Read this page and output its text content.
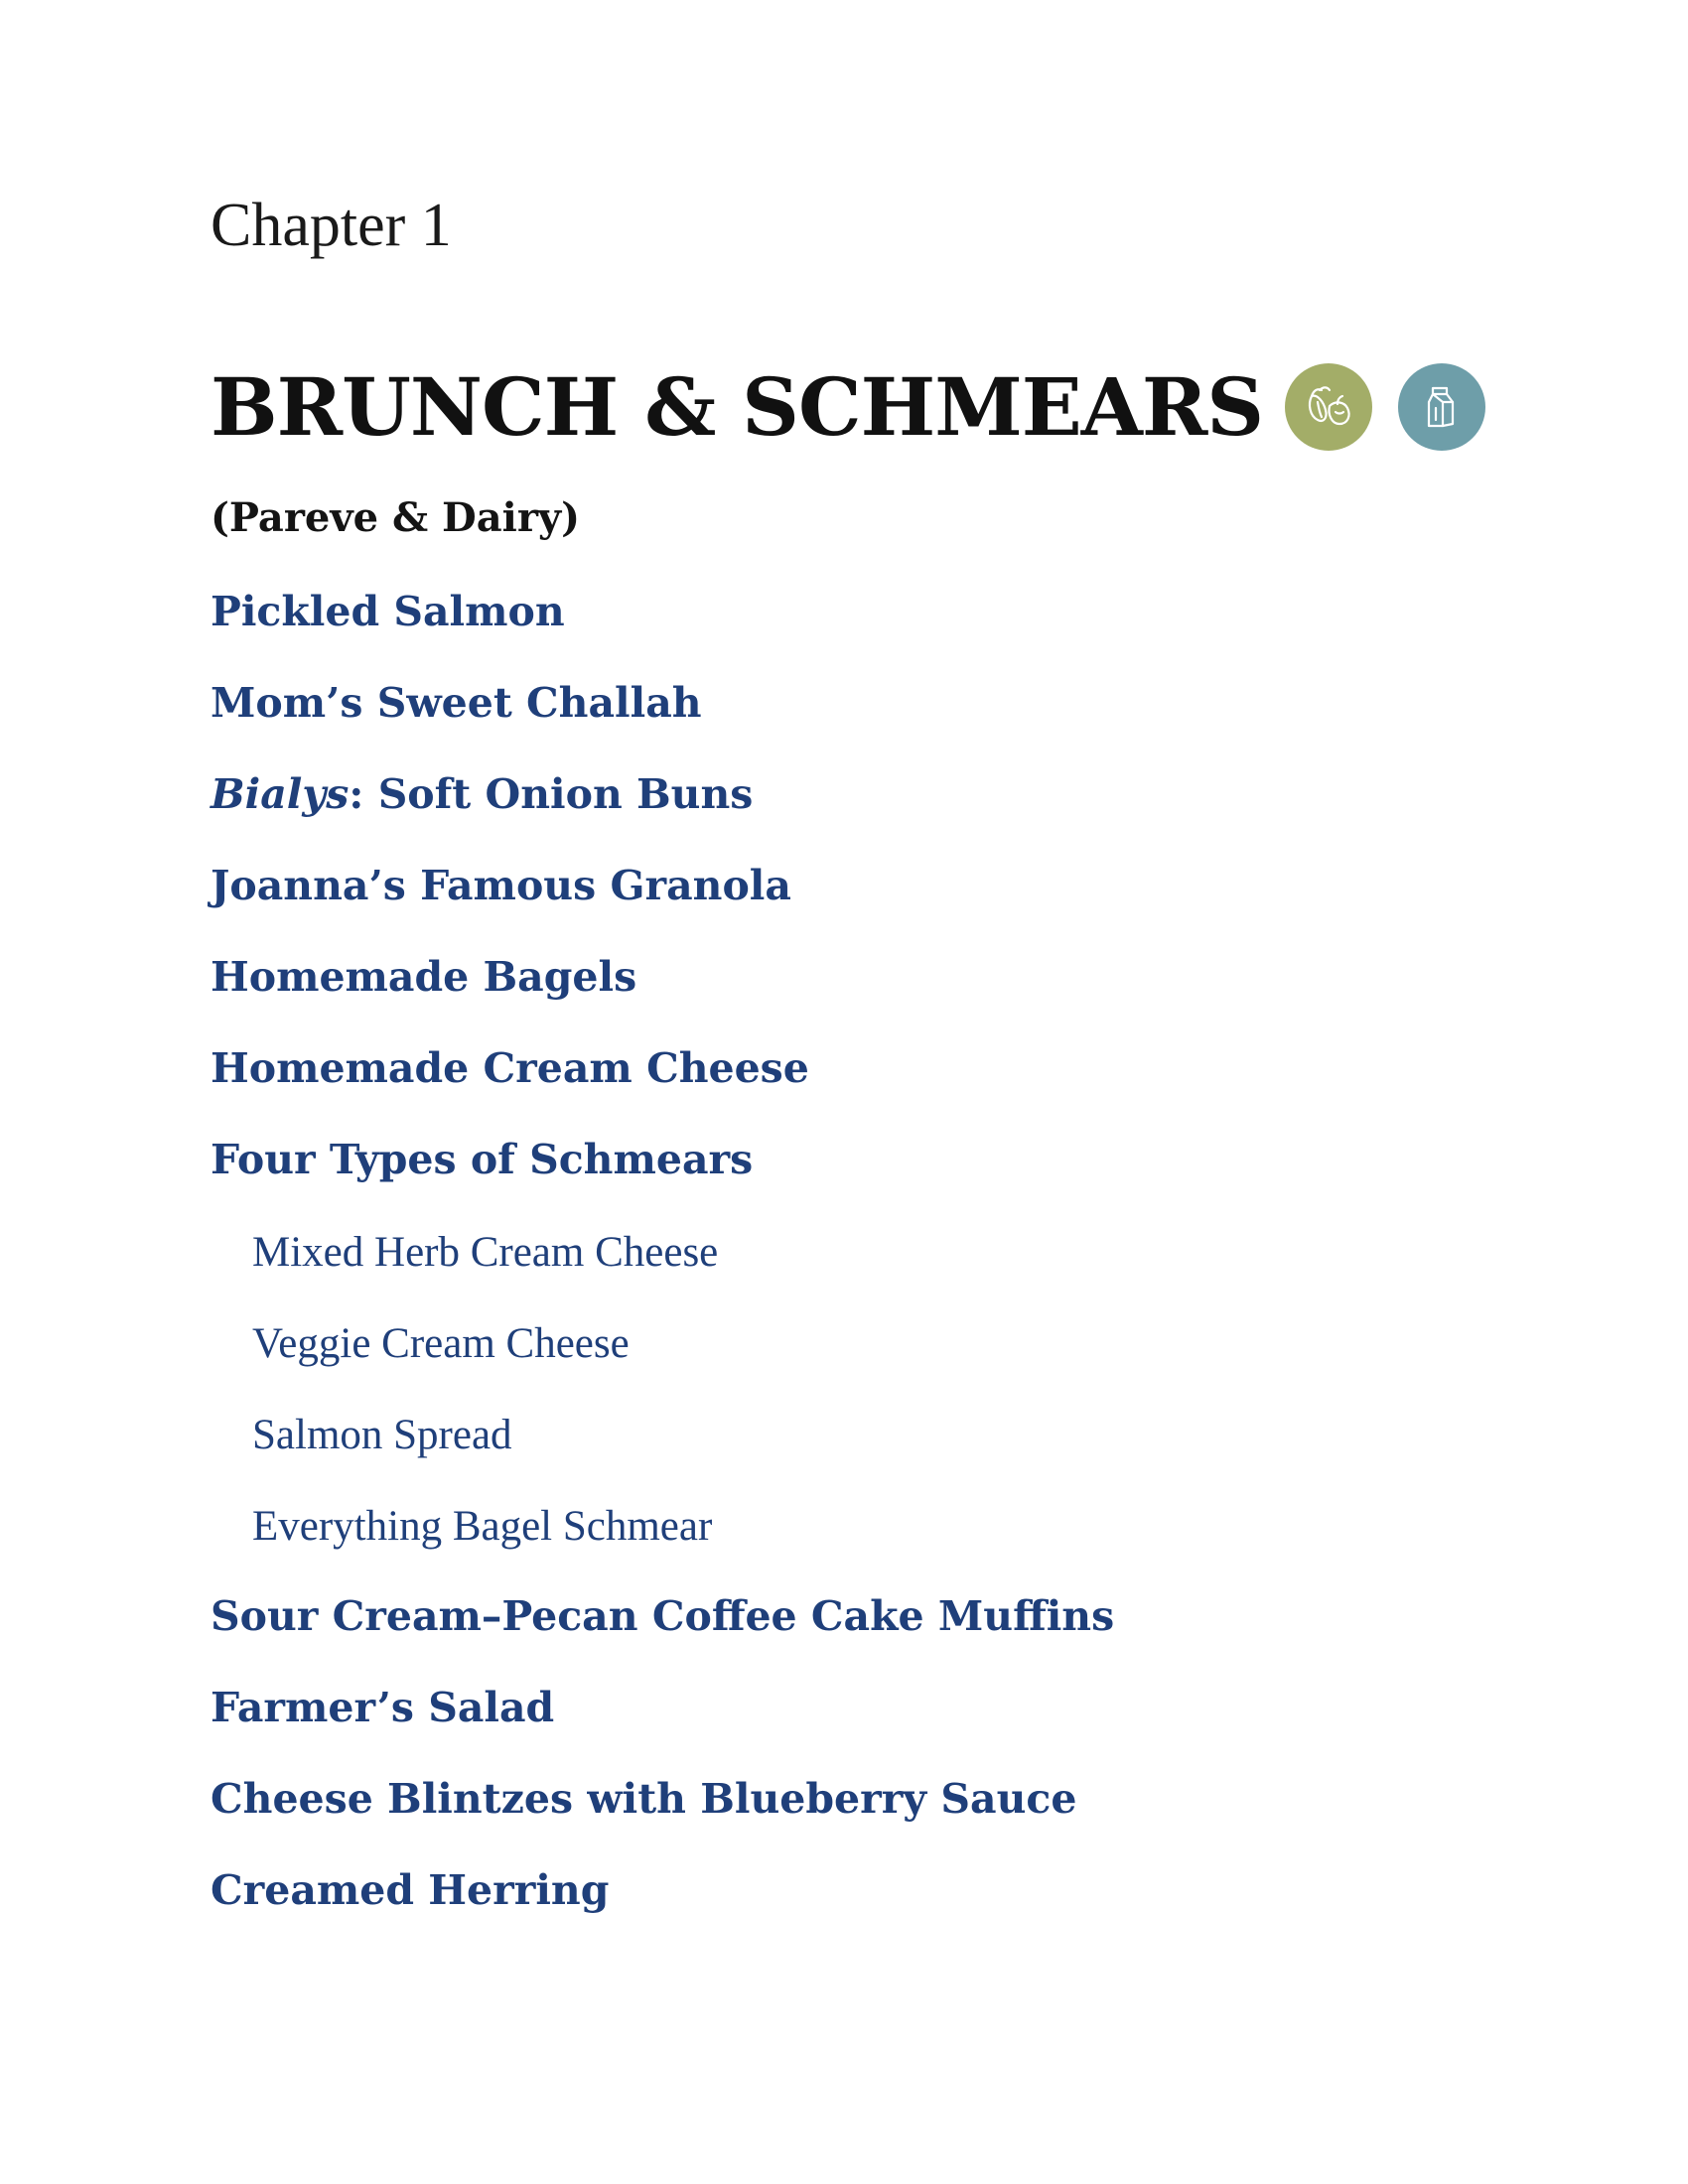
Chapter 1
BRUNCH & SCHMEARS
(Pareve & Dairy)
Pickled Salmon
Mom’s Sweet Challah
Bialys: Soft Onion Buns
Joanna’s Famous Granola
Homemade Bagels
Homemade Cream Cheese
Four Types of Schmears
Mixed Herb Cream Cheese
Veggie Cream Cheese
Salmon Spread
Everything Bagel Schmear
Sour Cream–Pecan Coffee Cake Muffins
Farmer’s Salad
Cheese Blintzes with Blueberry Sauce
Creamed Herring
